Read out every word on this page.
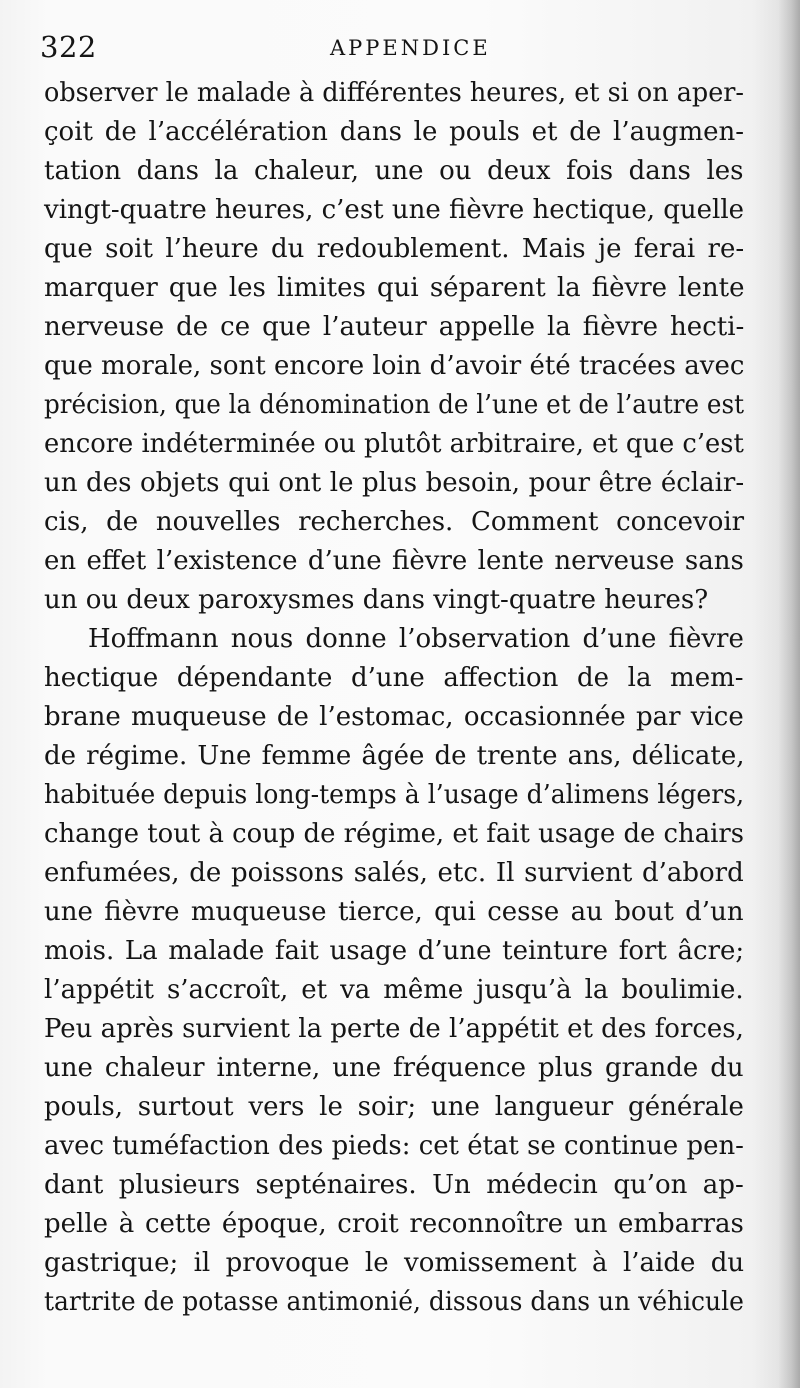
322	APPENDICE
observer le malade à différentes heures, et si on aper-
çoit de l’accélération dans le pouls et de l’augmen-
tation dans la chaleur, une ou deux fois dans les
vingt-quatre heures, c’est une fièvre hectique, quelle
que soit l’heure du redoublement. Mais je ferai re-
marquer que les limites qui séparent la fièvre lente
nerveuse de ce que l’auteur appelle la fièvre hecti-
que morale, sont encore loin d’avoir été tracées avec
précision, que la dénomination de l’une et de l’autre est
encore indéterminée ou plutôt arbitraire, et que c’est
un des objets qui ont le plus besoin, pour être éclair-
cis, de nouvelles recherches. Comment concevoir
en effet l’existence d’une fièvre lente nerveuse sans
un ou deux paroxysmes dans vingt-quatre heures?
Hoffmann nous donne l’observation d’une fièvre
hectique dépendante d’une affection de la mem-
brane muqueuse de l’estomac, occasionnée par vice
de régime. Une femme âgée de trente ans, délicate,
habituée depuis long-temps à l’usage d’alimens légers,
change tout à coup de régime, et fait usage de chairs
enfumées, de poissons salés, etc. Il survient d’abord
une fièvre muqueuse tierce, qui cesse au bout d’un
mois. La malade fait usage d’une teinture fort âcre;
l’appétit s’accroît, et va même jusqu’à la boulimie.
Peu après survient la perte de l’appétit et des forces,
une chaleur interne, une fréquence plus grande du
pouls, surtout vers le soir; une langueur générale
avec tuméfaction des pieds: cet état se continue pen-
dant plusieurs septénaires. Un médecin qu’on ap-
pelle à cette époque, croit reconnoître un embarras
gastrique; il provoque le vomissement à l’aide du
tartrite de potasse antimonié, dissous dans un véhicule
